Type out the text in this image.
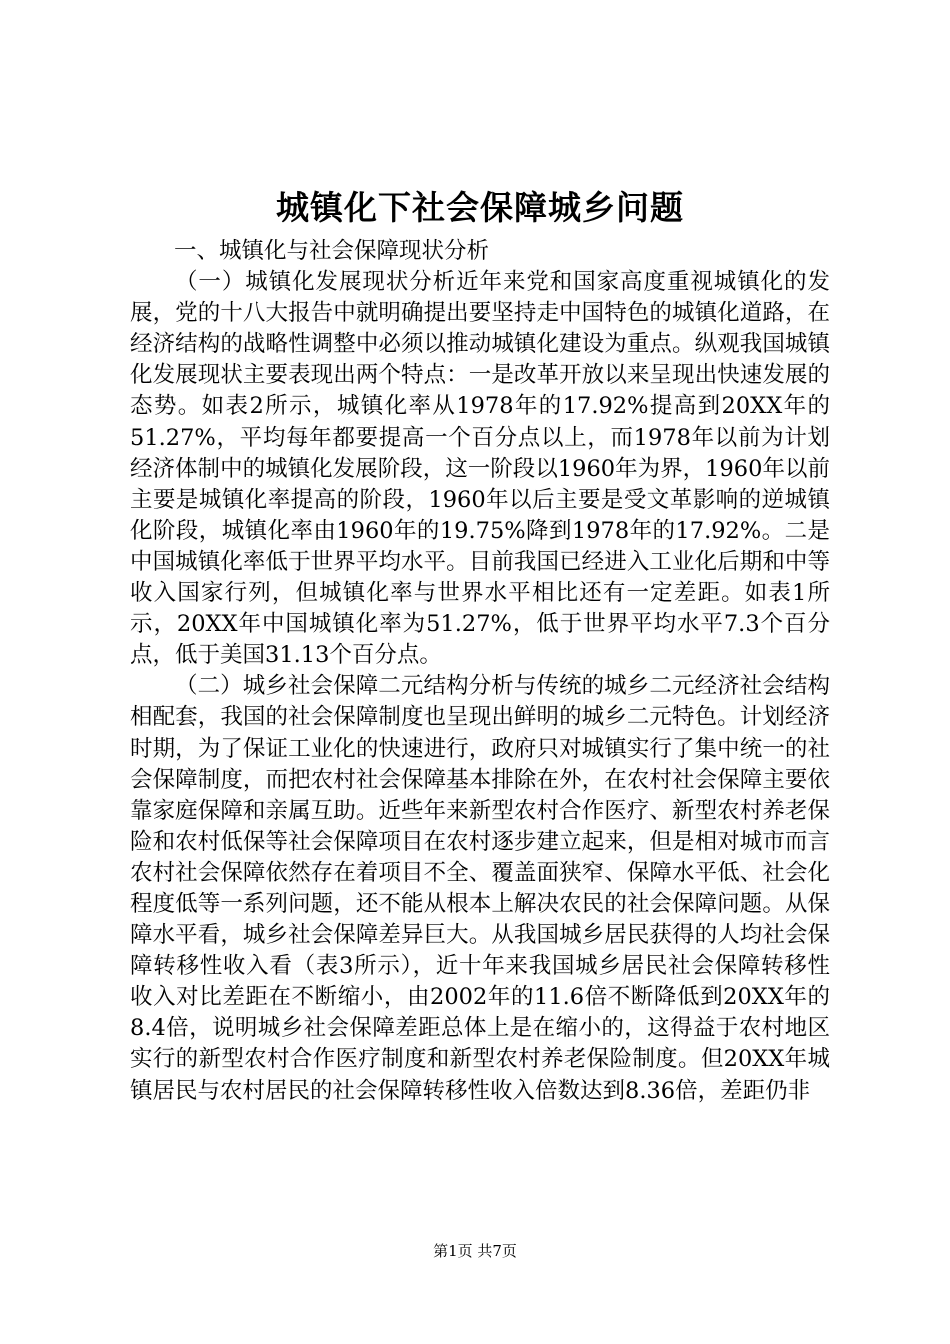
城镇化下社会保障城乡问题
一、城镇化与社会保障现状分析

（一）城镇化发展现状分析近年来党和国家高度重视城镇化的发展，党的十八大报告中就明确提出要坚持走中国特色的城镇化道路，在经济结构的战略性调整中必须以推动城镇化建设为重点。纵观我国城镇化发展现状主要表现出两个特点：一是改革开放以来呈现出快速发展的态势。如表2所示，城镇化率从1978年的17.92%提高到20XX年的51.27%，平均每年都要提高一个百分点以上，而1978年以前为计划经济体制中的城镇化发展阶段，这一阶段以1960年为界，1960年以前主要是城镇化率提高的阶段，1960年以后主要是受文革影响的逆城镇化阶段，城镇化率由1960年的19.75%降到1978年的17.92%。二是中国城镇化率低于世界平均水平。目前我国已经进入工业化后期和中等收入国家行列，但城镇化率与世界水平相比还有一定差距。如表1所示，20XX年中国城镇化率为51.27%，低于世界平均水平7.3个百分点，低于美国31.13个百分点。

（二）城乡社会保障二元结构分析与传统的城乡二元经济社会结构相配套，我国的社会保障制度也呈现出鲜明的城乡二元特色。计划经济时期，为了保证工业化的快速进行，政府只对城镇实行了集中统一的社会保障制度，而把农村社会保障基本排除在外，在农村社会保障主要依靠家庭保障和亲属互助。近些年来新型农村合作医疗、新型农村养老保险和农村低保等社会保障项目在农村逐步建立起来，但是相对城市而言农村社会保障依然存在着项目不全、覆盖面狭窄、保障水平低、社会化程度低等一系列问题，还不能从根本上解决农民的社会保障问题。从保障水平看，城乡社会保障差异巨大。从我国城乡居民获得的人均社会保障转移性收入看（表3所示），近十年来我国城乡居民社会保障转移性收入对比差距在不断缩小，由2002年的11.6倍不断降低到20XX年的8.4倍，说明城乡社会保障差距总体上是在缩小的，这得益于农村地区实行的新型农村合作医疗制度和新型农村养老保险制度。但20XX年城镇居民与农村居民的社会保障转移性收入倍数达到8.36倍，差距仍非

第1页 共7页
